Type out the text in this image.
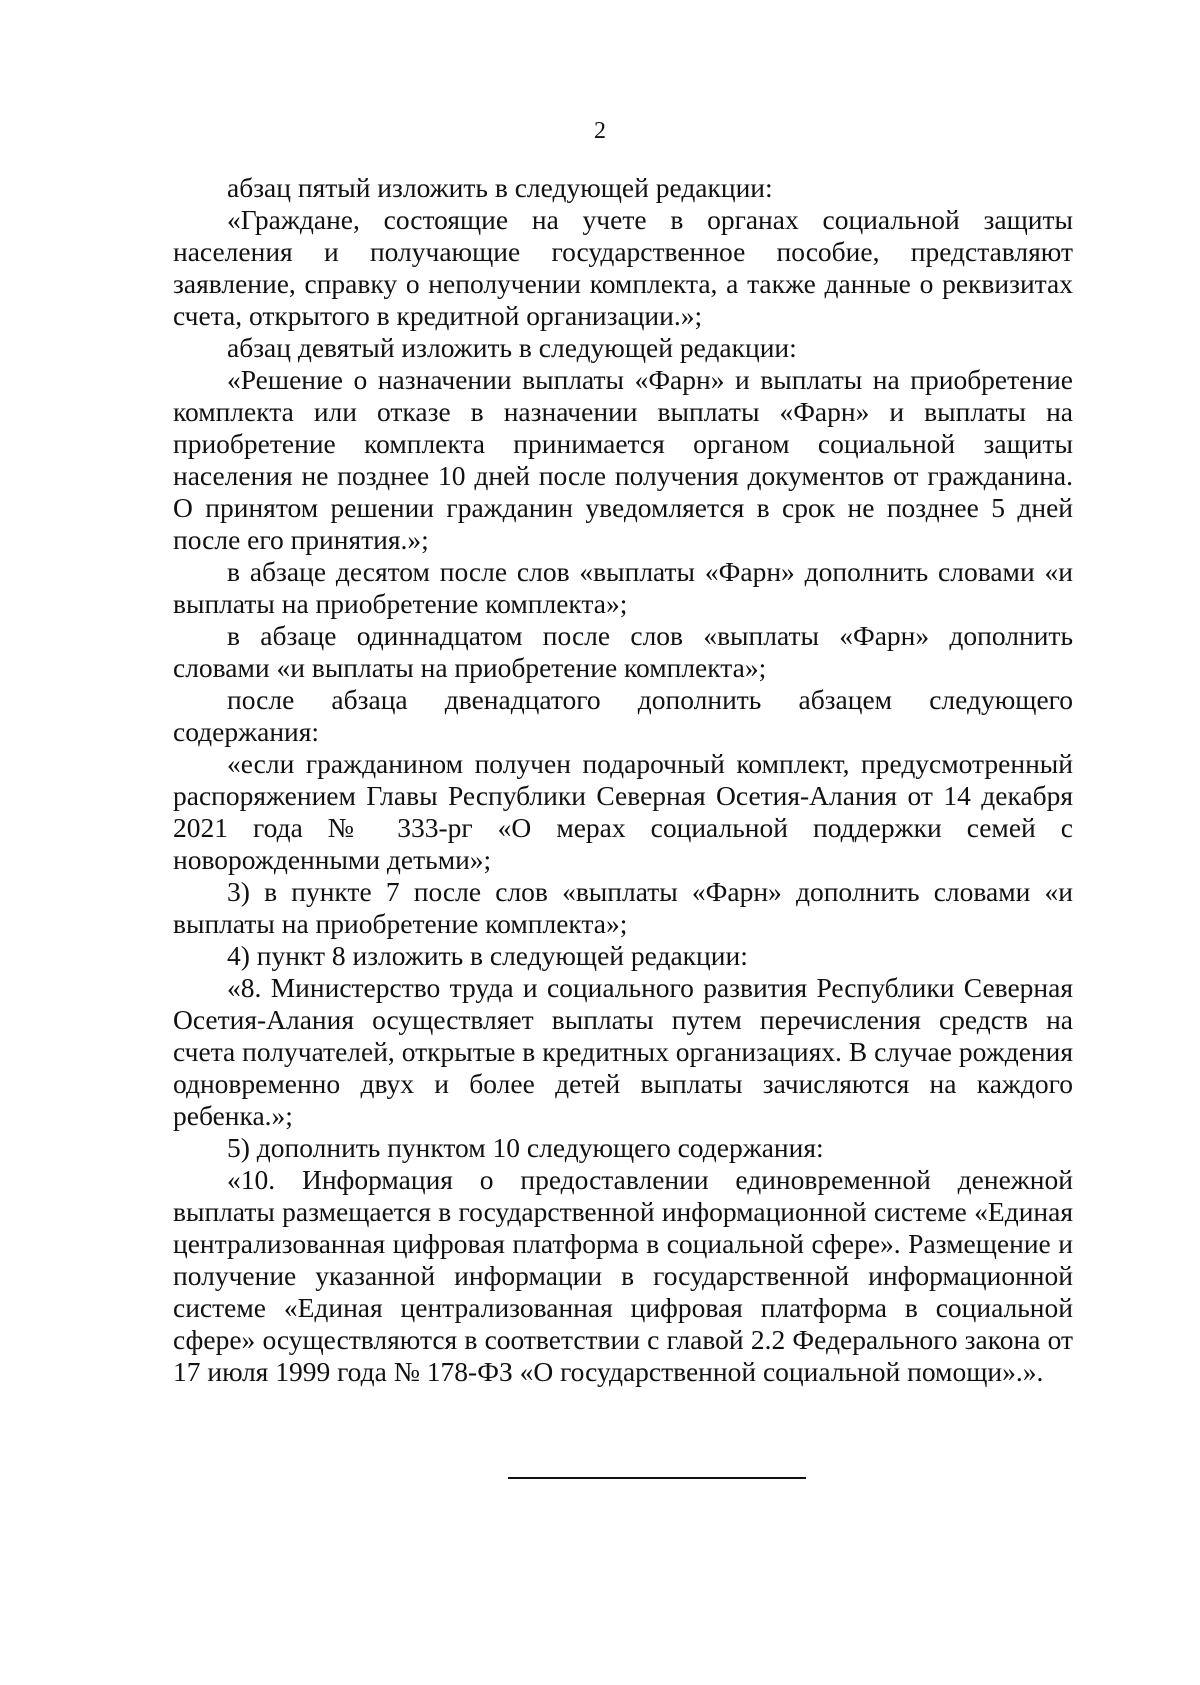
2

абзац пятый изложить в следующей редакции:

«Граждане, состоящие на учете в органах социальной защиты населения и получающие государственное пособие, представляют заявление, справку о неполучении комплекта, а также данные о реквизитах счета, открытого в кредитной организации.»;

абзац девятый изложить в следующей редакции:

«Решение о назначении выплаты «Фарн» и выплаты на приобретение комплекта или отказе в назначении выплаты «Фарн» и выплаты на приобретение комплекта принимается органом социальной защиты населения не позднее 10 дней после получения документов от гражданина. О принятом решении гражданин уведомляется в срок не позднее 5 дней после его принятия.»;

в абзаце десятом после слов «выплаты «Фарн» дополнить словами «и выплаты на приобретение комплекта»;

в абзаце одиннадцатом после слов «выплаты «Фарн» дополнить словами «и выплаты на приобретение комплекта»;

после абзаца двенадцатого дополнить абзацем следующего содержания:

«если гражданином получен подарочный комплект, предусмотренный распоряжением Главы Республики Северная Осетия-Алания от 14 декабря 2021 года № 333-рг «О мерах социальной поддержки семей с новорожденными детьми»;

3) в пункте 7 после слов «выплаты «Фарн» дополнить словами «и выплаты на приобретение комплекта»;

4) пункт 8 изложить в следующей редакции:

«8. Министерство труда и социального развития Республики Северная Осетия-Алания осуществляет выплаты путем перечисления средств на счета получателей, открытые в кредитных организациях. В случае рождения одновременно двух и более детей выплаты зачисляются на каждого ребенка.»;

5) дополнить пунктом 10 следующего содержания:

«10. Информация о предоставлении единовременной денежной выплаты размещается в государственной информационной системе «Единая централизованная цифровая платформа в социальной сфере». Размещение и получение указанной информации в государственной информационной системе «Единая централизованная цифровая платформа в социальной сфере» осуществляются в соответствии с главой 2.2 Федерального закона от 17 июля 1999 года № 178-ФЗ «О государственной социальной помощи».».
